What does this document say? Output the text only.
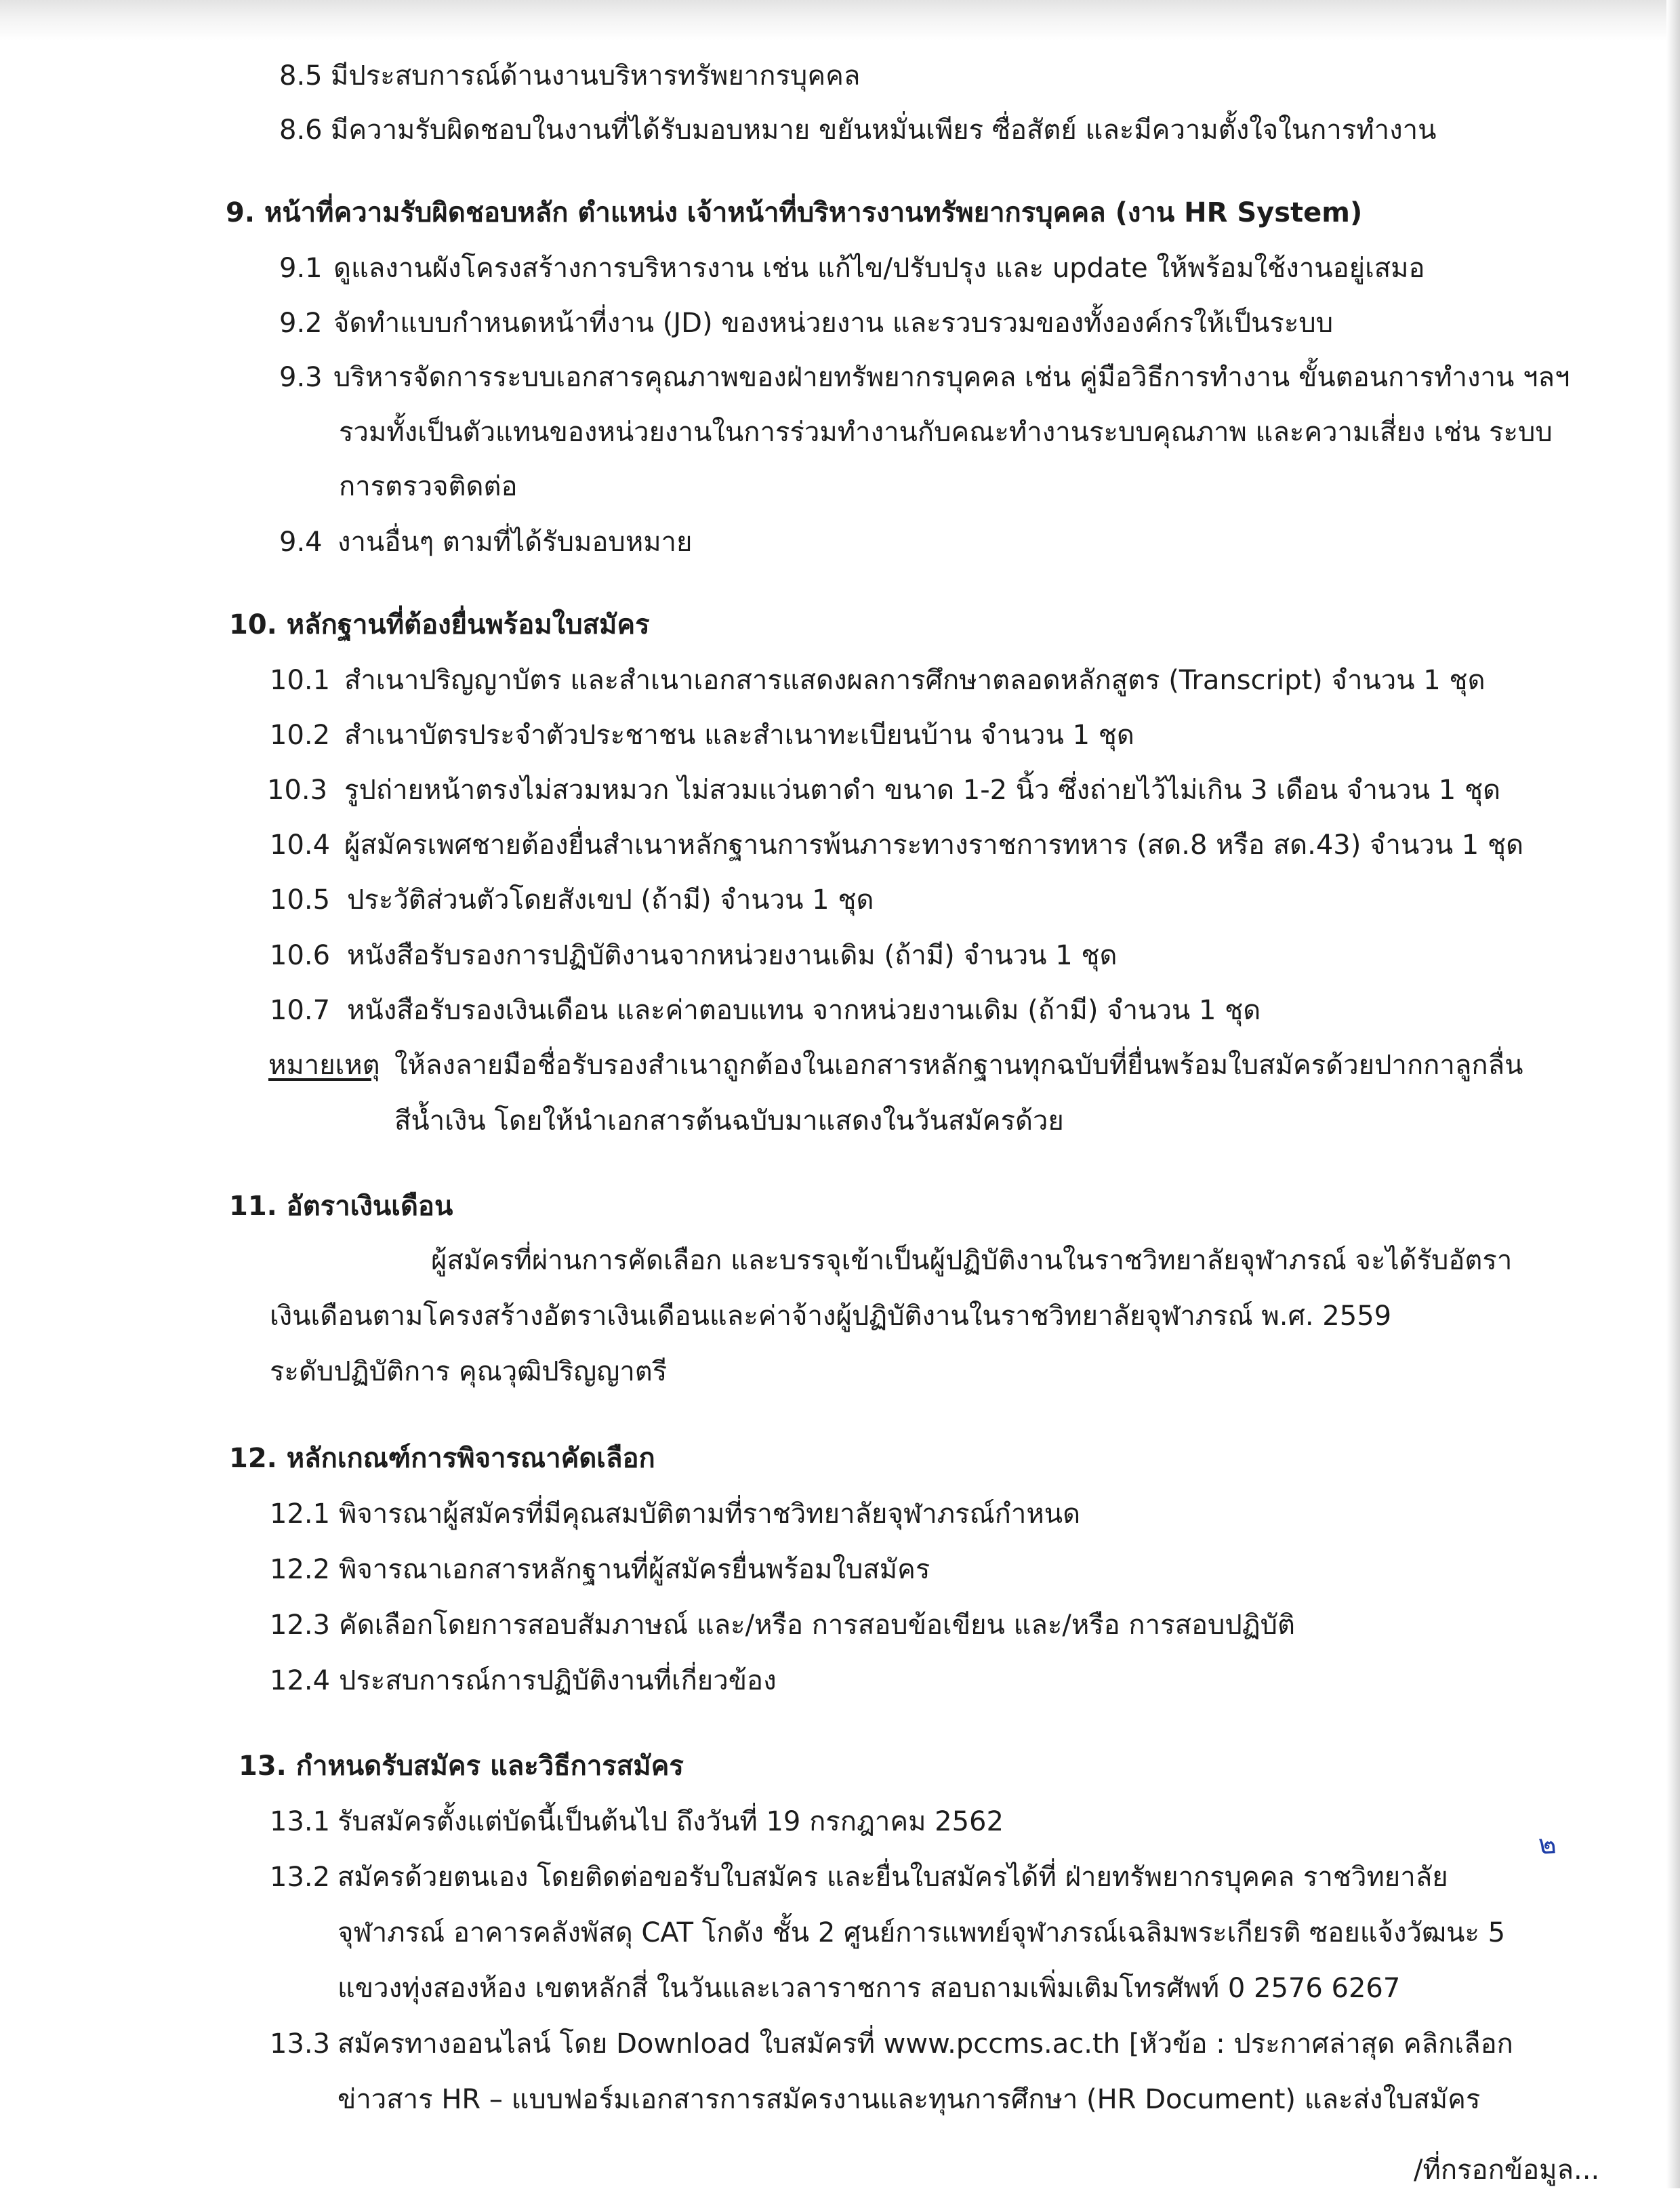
8.5 มีประสบการณ์ด้านงานบริหารทรัพยากรบุคคล
8.6 มีความรับผิดชอบในงานที่ได้รับมอบหมาย ขยันหมั่นเพียร ซื่อสัตย์ และมีความตั้งใจในการทำงาน
9. หน้าที่ความรับผิดชอบหลัก ตำแหน่ง เจ้าหน้าที่บริหารงานทรัพยากรบุคคล (งาน HR System)
9.1 ดูแลงานผังโครงสร้างการบริหารงาน เช่น แก้ไข/ปรับปรุง และ update ให้พร้อมใช้งานอยู่เสมอ
9.2 จัดทำแบบกำหนดหน้าที่งาน (JD) ของหน่วยงาน และรวบรวมของทั้งองค์กรให้เป็นระบบ
9.3 บริหารจัดการระบบเอกสารคุณภาพของฝ่ายทรัพยากรบุคคล เช่น คู่มือวิธีการทำงาน ขั้นตอนการทำงาน ฯลฯ
รวมทั้งเป็นตัวแทนของหน่วยงานในการร่วมทำงานกับคณะทำงานระบบคุณภาพ และความเสี่ยง เช่น ระบบ
การตรวจติดต่อ
9.4 งานอื่นๆ ตามที่ได้รับมอบหมาย
10. หลักฐานที่ต้องยื่นพร้อมใบสมัคร
10.1 สำเนาปริญญาบัตร และสำเนาเอกสารแสดงผลการศึกษาตลอดหลักสูตร (Transcript) จำนวน 1 ชุด
10.2 สำเนาบัตรประจำตัวประชาชน และสำเนาทะเบียนบ้าน จำนวน 1 ชุด
10.3 รูปถ่ายหน้าตรงไม่สวมหมวก ไม่สวมแว่นตาดำ ขนาด 1-2 นิ้ว ซึ่งถ่ายไว้ไม่เกิน 3 เดือน จำนวน 1 ชุด
10.4 ผู้สมัครเพศชายต้องยื่นสำเนาหลักฐานการพ้นภาระทางราชการทหาร (สด.8 หรือ สด.43) จำนวน 1 ชุด
10.5 ประวัติส่วนตัวโดยสังเขป (ถ้ามี) จำนวน 1 ชุด
10.6 หนังสือรับรองการปฏิบัติงานจากหน่วยงานเดิม (ถ้ามี) จำนวน 1 ชุด
10.7 หนังสือรับรองเงินเดือน และค่าตอบแทน จากหน่วยงานเดิม (ถ้ามี) จำนวน 1 ชุด
หมายเหตุ ให้ลงลายมือชื่อรับรองสำเนาถูกต้องในเอกสารหลักฐานทุกฉบับที่ยื่นพร้อมใบสมัครด้วยปากกาลูกลื่น
สีน้ำเงิน โดยให้นำเอกสารต้นฉบับมาแสดงในวันสมัครด้วย
11. อัตราเงินเดือน
ผู้สมัครที่ผ่านการคัดเลือก และบรรจุเข้าเป็นผู้ปฏิบัติงานในราชวิทยาลัยจุฬาภรณ์ จะได้รับอัตรา
เงินเดือนตามโครงสร้างอัตราเงินเดือนและค่าจ้างผู้ปฏิบัติงานในราชวิทยาลัยจุฬาภรณ์ พ.ศ. 2559
ระดับปฏิบัติการ คุณวุฒิปริญญาตรี
12. หลักเกณฑ์การพิจารณาคัดเลือก
12.1 พิจารณาผู้สมัครที่มีคุณสมบัติตามที่ราชวิทยาลัยจุฬาภรณ์กำหนด
12.2 พิจารณาเอกสารหลักฐานที่ผู้สมัครยื่นพร้อมใบสมัคร
12.3 คัดเลือกโดยการสอบสัมภาษณ์ และ/หรือ การสอบข้อเขียน และ/หรือ การสอบปฏิบัติ
12.4 ประสบการณ์การปฏิบัติงานที่เกี่ยวข้อง
13. กำหนดรับสมัคร และวิธีการสมัคร
13.1 รับสมัครตั้งแต่บัดนี้เป็นต้นไป ถึงวันที่ 19 กรกฎาคม 2562
13.2 สมัครด้วยตนเอง โดยติดต่อขอรับใบสมัคร และยื่นใบสมัครได้ที่ ฝ่ายทรัพยากรบุคคล ราชวิทยาลัย
จุฬาภรณ์ อาคารคลังพัสดุ CAT โกดัง ชั้น 2 ศูนย์การแพทย์จุฬาภรณ์เฉลิมพระเกียรติ ซอยแจ้งวัฒนะ 5
แขวงทุ่งสองห้อง เขตหลักสี่ ในวันและเวลาราชการ สอบถามเพิ่มเติมโทรศัพท์ 0 2576 6267
13.3 สมัครทางออนไลน์ โดย Download ใบสมัครที่ www.pccms.ac.th [หัวข้อ : ประกาศล่าสุด คลิกเลือก
ข่าวสาร HR – แบบฟอร์มเอกสารการสมัครงานและทุนการศึกษา (HR Document) และส่งใบสมัคร
๒
/ที่กรอกข้อมูล...
